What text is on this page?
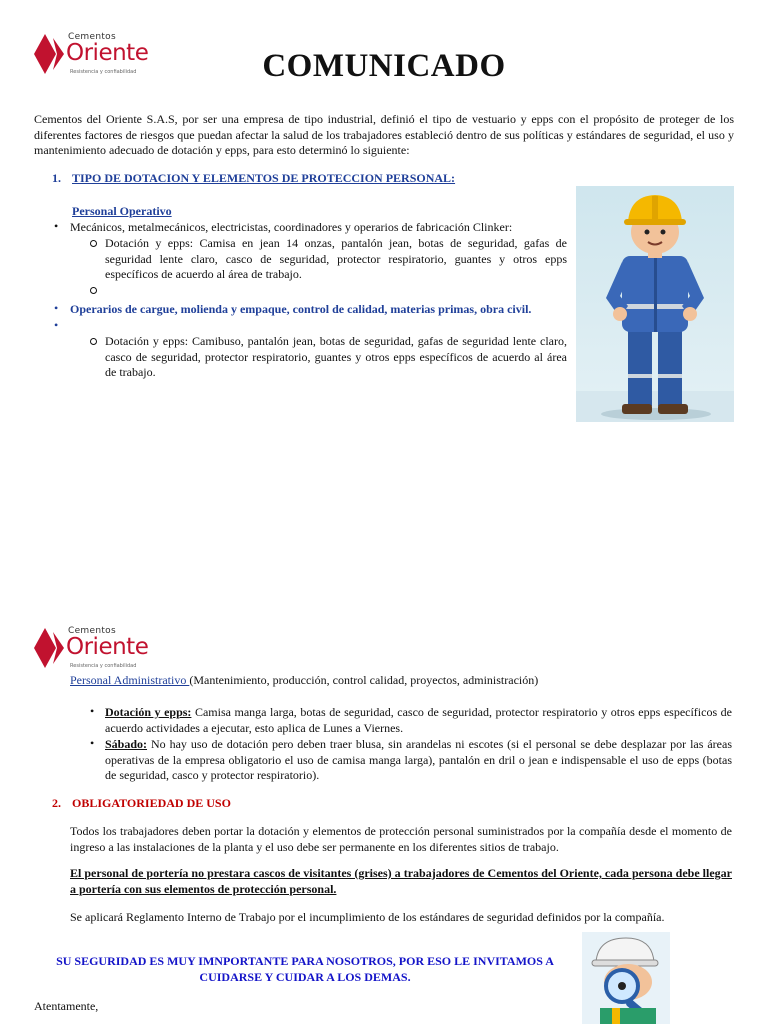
Cementos
Oriente
Resistencia y confiabilidad	COMUNICADO
Cementos del Oriente S.A.S, por ser una empresa de tipo industrial, definió el tipo de vestuario y epps con el propósito de proteger de los diferentes factores de riesgos que puedan afectar la salud de los trabajadores estableció dentro de sus políticas y estándares de seguridad, el uso y mantenimiento adecuado de dotación y epps, para esto determinó lo siguiente:
1. TIPO DE DOTACION Y ELEMENTOS DE PROTECCION PERSONAL:
Personal Operativo
• Mecánicos, metalmecánicos, electricistas, coordinadores y operarios de fabricación Clinker:
Dotación y epps: Camisa en jean 14 onzas, pantalón jean, botas de seguridad, gafas de seguridad lente claro, casco de seguridad, protector respiratorio, guantes y otros epps específicos de acuerdo al área de trabajo.
• Operarios de cargue, molienda y empaque, control de calidad, materias primas, obra civil.
•
Dotación y epps: Camibuso, pantalón jean, botas de seguridad, gafas de seguridad lente claro, casco de seguridad, protector respiratorio, guantes y otros epps específicos de acuerdo al área de trabajo.
Cementos
Oriente
Resistencia y confiabilidad
Personal Administrativo (Mantenimiento, producción, control calidad, proyectos, administración)
• Dotación y epps: Camisa manga larga, botas de seguridad, casco de seguridad, protector respiratorio y otros epps específicos de acuerdo actividades a ejecutar, esto aplica de Lunes a Viernes.
• Sábado: No hay uso de dotación pero deben traer blusa, sin arandelas ni escotes (si el personal se debe desplazar por las áreas operativas de la empresa obligatorio el uso de camisa manga larga), pantalón en dril o jean e indispensable el uso de epps (botas de seguridad, casco y protector respiratorio).
2. OBLIGATORIEDAD DE USO
Todos los trabajadores deben portar la dotación y elementos de protección personal suministrados por la compañía desde el momento de ingreso a las instalaciones de la planta y el uso debe ser permanente en los diferentes sitios de trabajo.
El personal de portería no prestara cascos de visitantes (grises) a trabajadores de Cementos del Oriente, cada persona debe llegar a portería con sus elementos de protección personal.
Se aplicará Reglamento Interno de Trabajo por el incumplimiento de los estándares de seguridad definidos por la compañía.
SU SEGURIDAD ES MUY IMNPORTANTE PARA NOSOTROS, POR ESO LE INVITAMOS A CUIDARSE Y CUIDAR A LOS DEMAS.
Atentamente,
